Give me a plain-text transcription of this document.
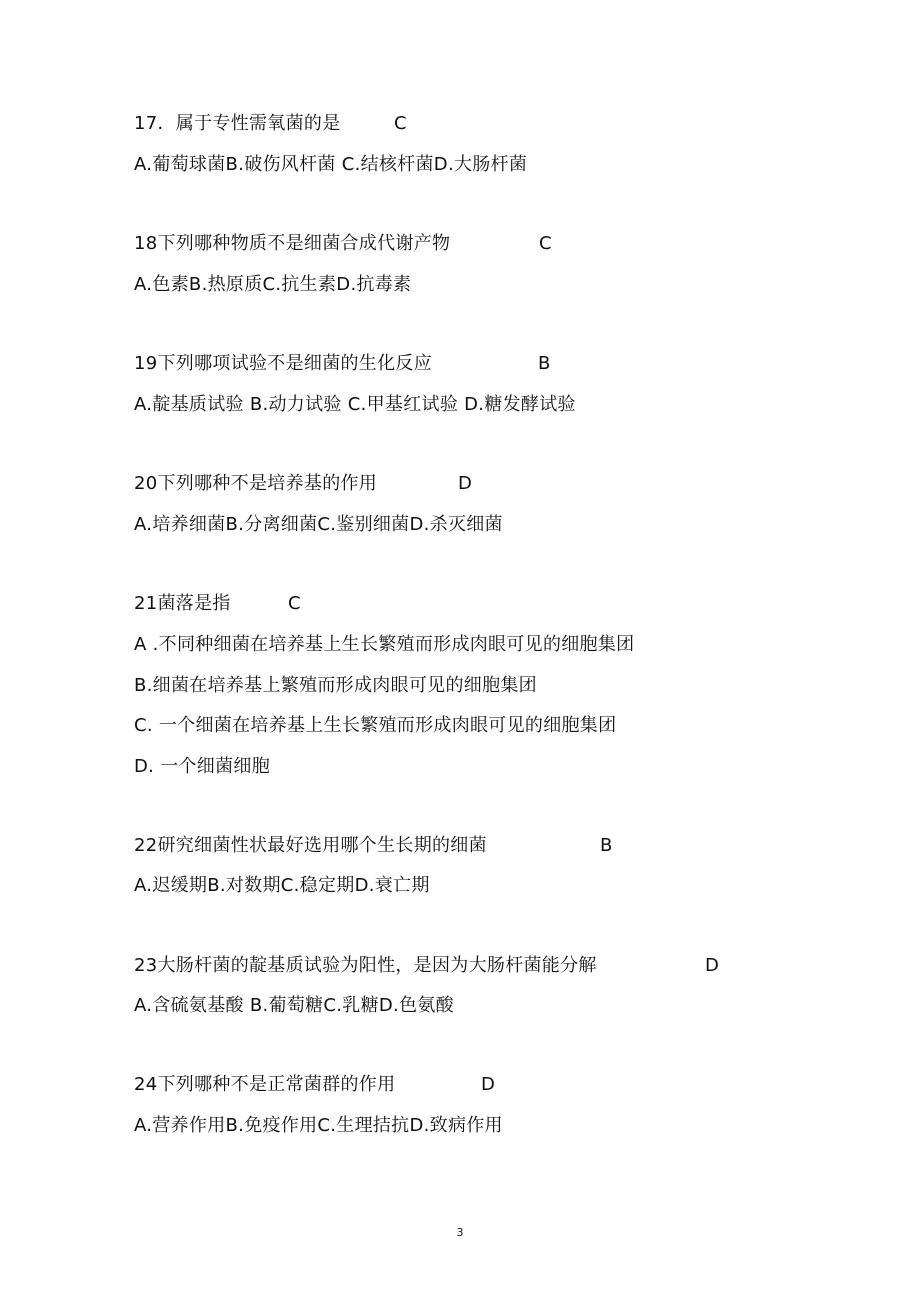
17．属于专性需氧菌的是	C
A.葡萄球菌B.破伤风杆菌 C.结核杆菌D.大肠杆菌
18下列哪种物质不是细菌合成代谢产物	C
A.色素B.热原质C.抗生素D.抗毒素
19下列哪项试验不是细菌的生化反应	B
A.靛基质试验 B.动力试验 C.甲基红试验 D.糖发酵试验
20下列哪种不是培养基的作用	D
A.培养细菌B.分离细菌C.鉴别细菌D.杀灭细菌
21菌落是指	C
A .不同种细菌在培养基上生长繁殖而形成肉眼可见的细胞集团
B.细菌在培养基上繁殖而形成肉眼可见的细胞集团
C. 一个细菌在培养基上生长繁殖而形成肉眼可见的细胞集团
D. 一个细菌细胞
22研究细菌性状最好选用哪个生长期的细菌	B
A.迟缓期B.对数期C.稳定期D.衰亡期
23大肠杆菌的靛基质试验为阳性，是因为大肠杆菌能分解	D
A.含硫氨基酸 B.葡萄糖C.乳糖D.色氨酸
24下列哪种不是正常菌群的作用	D
A.营养作用B.免疫作用C.生理拮抗D.致病作用
3
